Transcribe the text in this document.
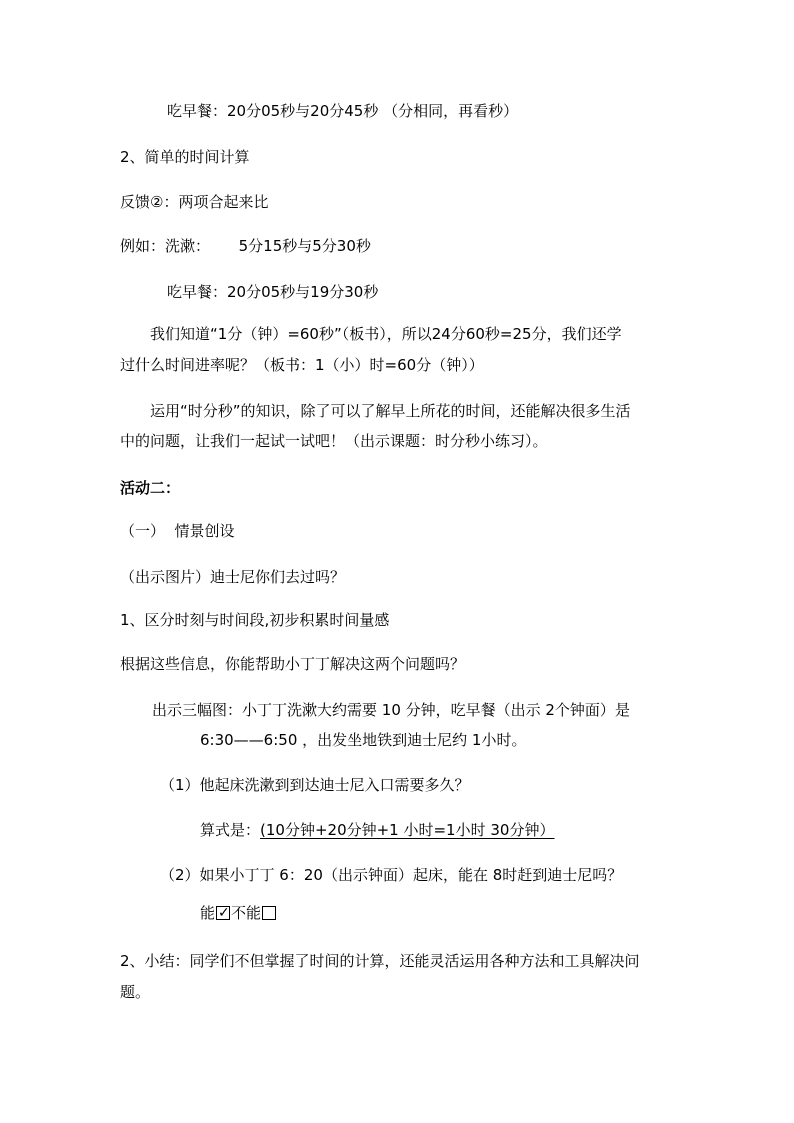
吃早餐：20分05秒与20分45秒 （分相同，再看秒）
2、简单的时间计算
反馈②：两项合起来比
例如：洗漱：      5分15秒与5分30秒
吃早餐：20分05秒与19分30秒
我们知道“1分（钟）=60秒”（板书），所以24分60秒=25分，我们还学
过什么时间进率呢？（板书：1（小）时=60分（钟））
运用“时分秒”的知识，除了可以了解早上所花的时间，还能解决很多生活
中的问题，让我们一起试一试吧！（出示课题：时分秒小练习）。
活动二：
（一）  情景创设
（出示图片）迪士尼你们去过吗？
1、区分时刻与时间段,初步积累时间量感
根据这些信息，你能帮助小丁丁解决这两个问题吗？
出示三幅图：小丁丁洗漱大约需要 10 分钟，吃早餐（出示 2个钟面）是
6:30——6:50 ，出发坐地铁到迪士尼约 1小时。
（1）他起床洗漱到到达迪士尼入口需要多久？
算式是：(10分钟+20分钟+1 小时=1小时 30分钟）
（2）如果小丁丁 6：20（出示钟面）起床，能在 8时赶到迪士尼吗？
能 ✓ 不能
2、小结：同学们不但掌握了时间的计算，还能灵活运用各种方法和工具解决问
题。
